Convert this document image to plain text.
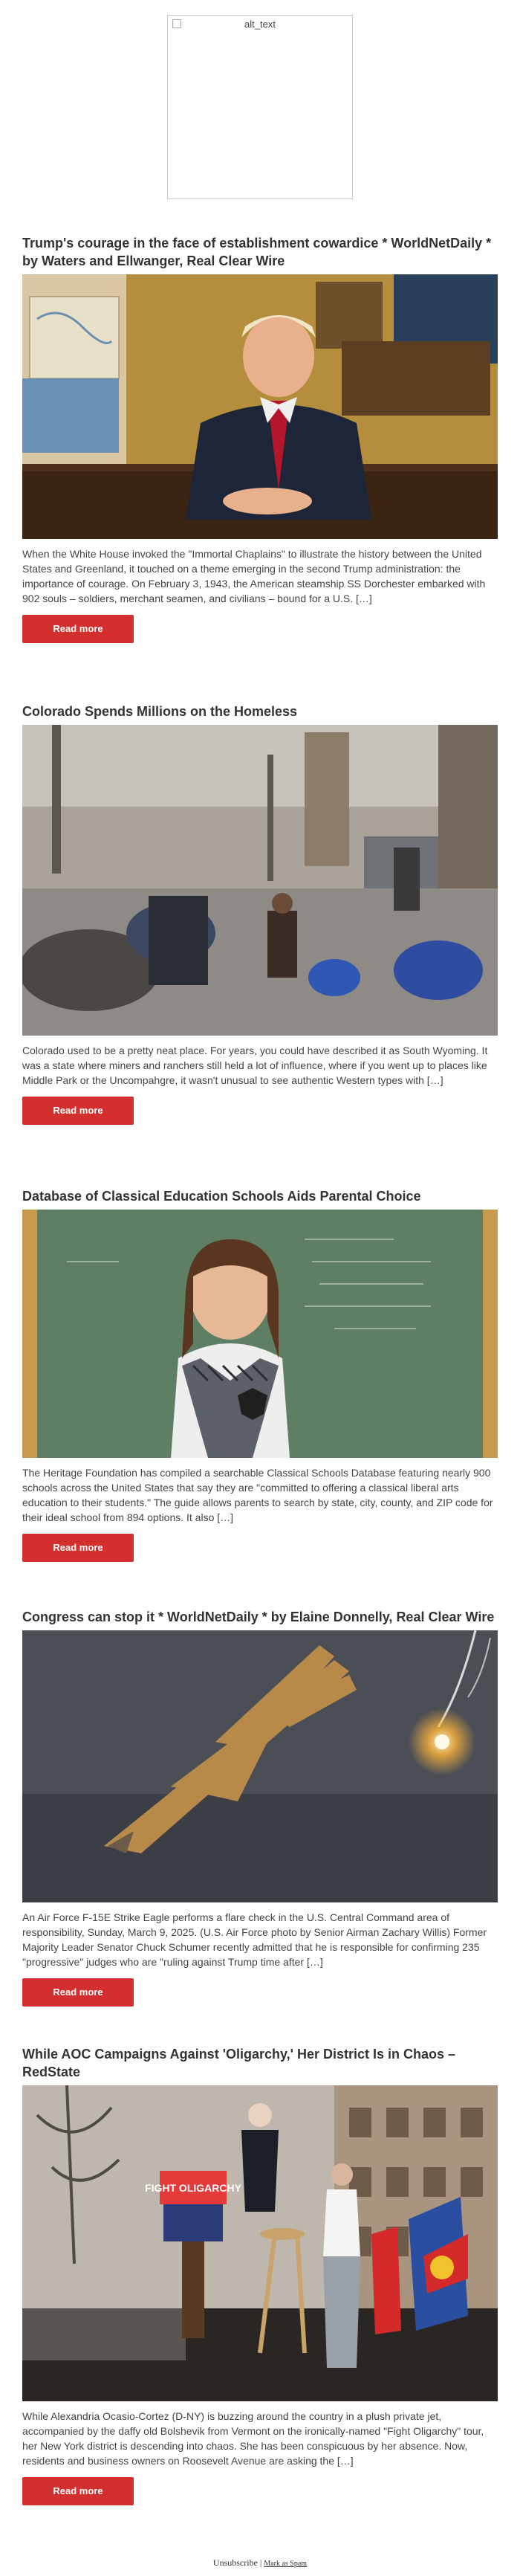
alt_text
Trump's courage in the face of establishment cowardice * WorldNetDaily * by Waters and Ellwanger, Real Clear Wire
When the White House invoked the "Immortal Chaplains" to illustrate the history between the United States and Greenland, it touched on a theme emerging in the second Trump administration: the importance of courage. On February 3, 1943, the American steamship SS Dorchester embarked with 902 souls – soldiers, merchant seamen, and civilians – bound for a U.S. […]
Read more
Colorado Spends Millions on the Homeless
Colorado used to be a pretty neat place. For years, you could have described it as South Wyoming. It was a state where miners and ranchers still held a lot of influence, where if you went up to places like Middle Park or the Uncompahgre, it wasn't unusual to see authentic Western types with […]
Read more
Database of Classical Education Schools Aids Parental Choice
The Heritage Foundation has compiled a searchable Classical Schools Database featuring nearly 900 schools across the United States that say they are "committed to offering a classical liberal arts education to their students." The guide allows parents to search by state, city, county, and ZIP code for their ideal school from 894 options. It also […]
Read more
Congress can stop it * WorldNetDaily * by Elaine Donnelly, Real Clear Wire
An Air Force F-15E Strike Eagle performs a flare check in the U.S. Central Command area of responsibility, Sunday, March 9, 2025. (U.S. Air Force photo by Senior Airman Zachary Willis) Former Majority Leader Senator Chuck Schumer recently admitted that he is responsible for confirming 235 "progressive" judges who are "ruling against Trump time after […]
Read more
While AOC Campaigns Against 'Oligarchy,' Her District Is in Chaos – RedState
FIGHT OLIGARCHY
While Alexandria Ocasio-Cortez (D-NY) is buzzing around the country in a plush private jet, accompanied by the daffy old Bolshevik from Vermont on the ironically-named "Fight Oligarchy" tour, her New York district is descending into chaos. She has been conspicuous by her absence. Now, residents and business owners on Roosevelt Avenue are asking the […]
Read more
Unsubscribe | Mark as Spam
